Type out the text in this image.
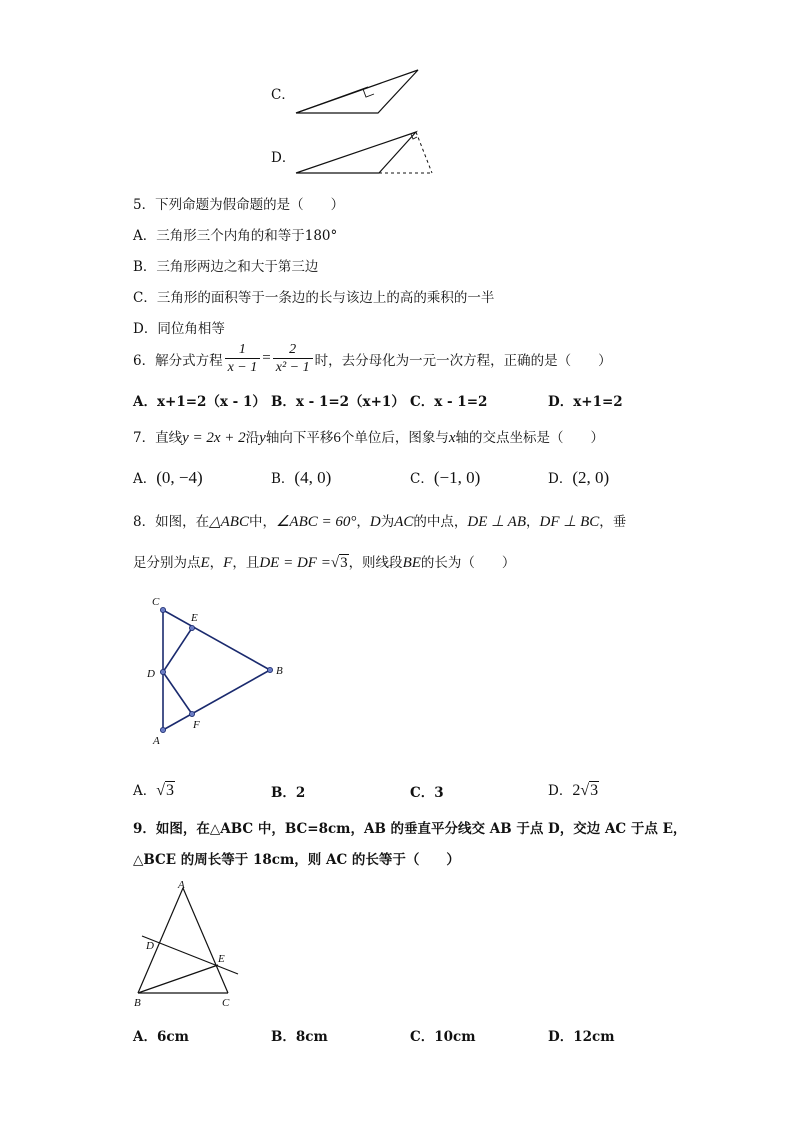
C．
D．
5．下列命题为假命题的是（　　）
A．三角形三个内角的和等于180°
B．三角形两边之和大于第三边
C．三角形的面积等于一条边的长与该边上的高的乘积的一半
D．同位角相等
6．解分式方程 $\frac{1}{x - 1} = \frac{2}{\text{x² − 1}}$ 时，去分母化为一元一次方程，正确的是（　　）
A．x+1=2（x - 1） B．x - 1=2（x+1） C．x - 1=2	D．x+1=2
7．直线y = 2x + 2沿y轴向下平移6个单位后，图象与x轴的交点坐标是（　　）
A．(0, −4)	B．(4, 0)	C．(−1, 0)	D．(2, 0)
8．如图，在△ABC中，∠ABC = 60°，D为AC的中点，DE ⊥ AB，DF ⊥ BC，垂
足分别为点E，F，且DE = DF =√3，则线段BE的长为（　　）
C
E
D	B
F
A
A．√3	B．2	C．3	D．2√3
9．如图，在△ABC 中，BC=8cm，AB 的垂直平分线交 AB 于点 D，交边 AC 于点 E，
△BCE 的周长等于 18cm，则 AC 的长等于（　　）
A
D
E
B	C
A．6cm	B．8cm	C．10cm	D．12cm
